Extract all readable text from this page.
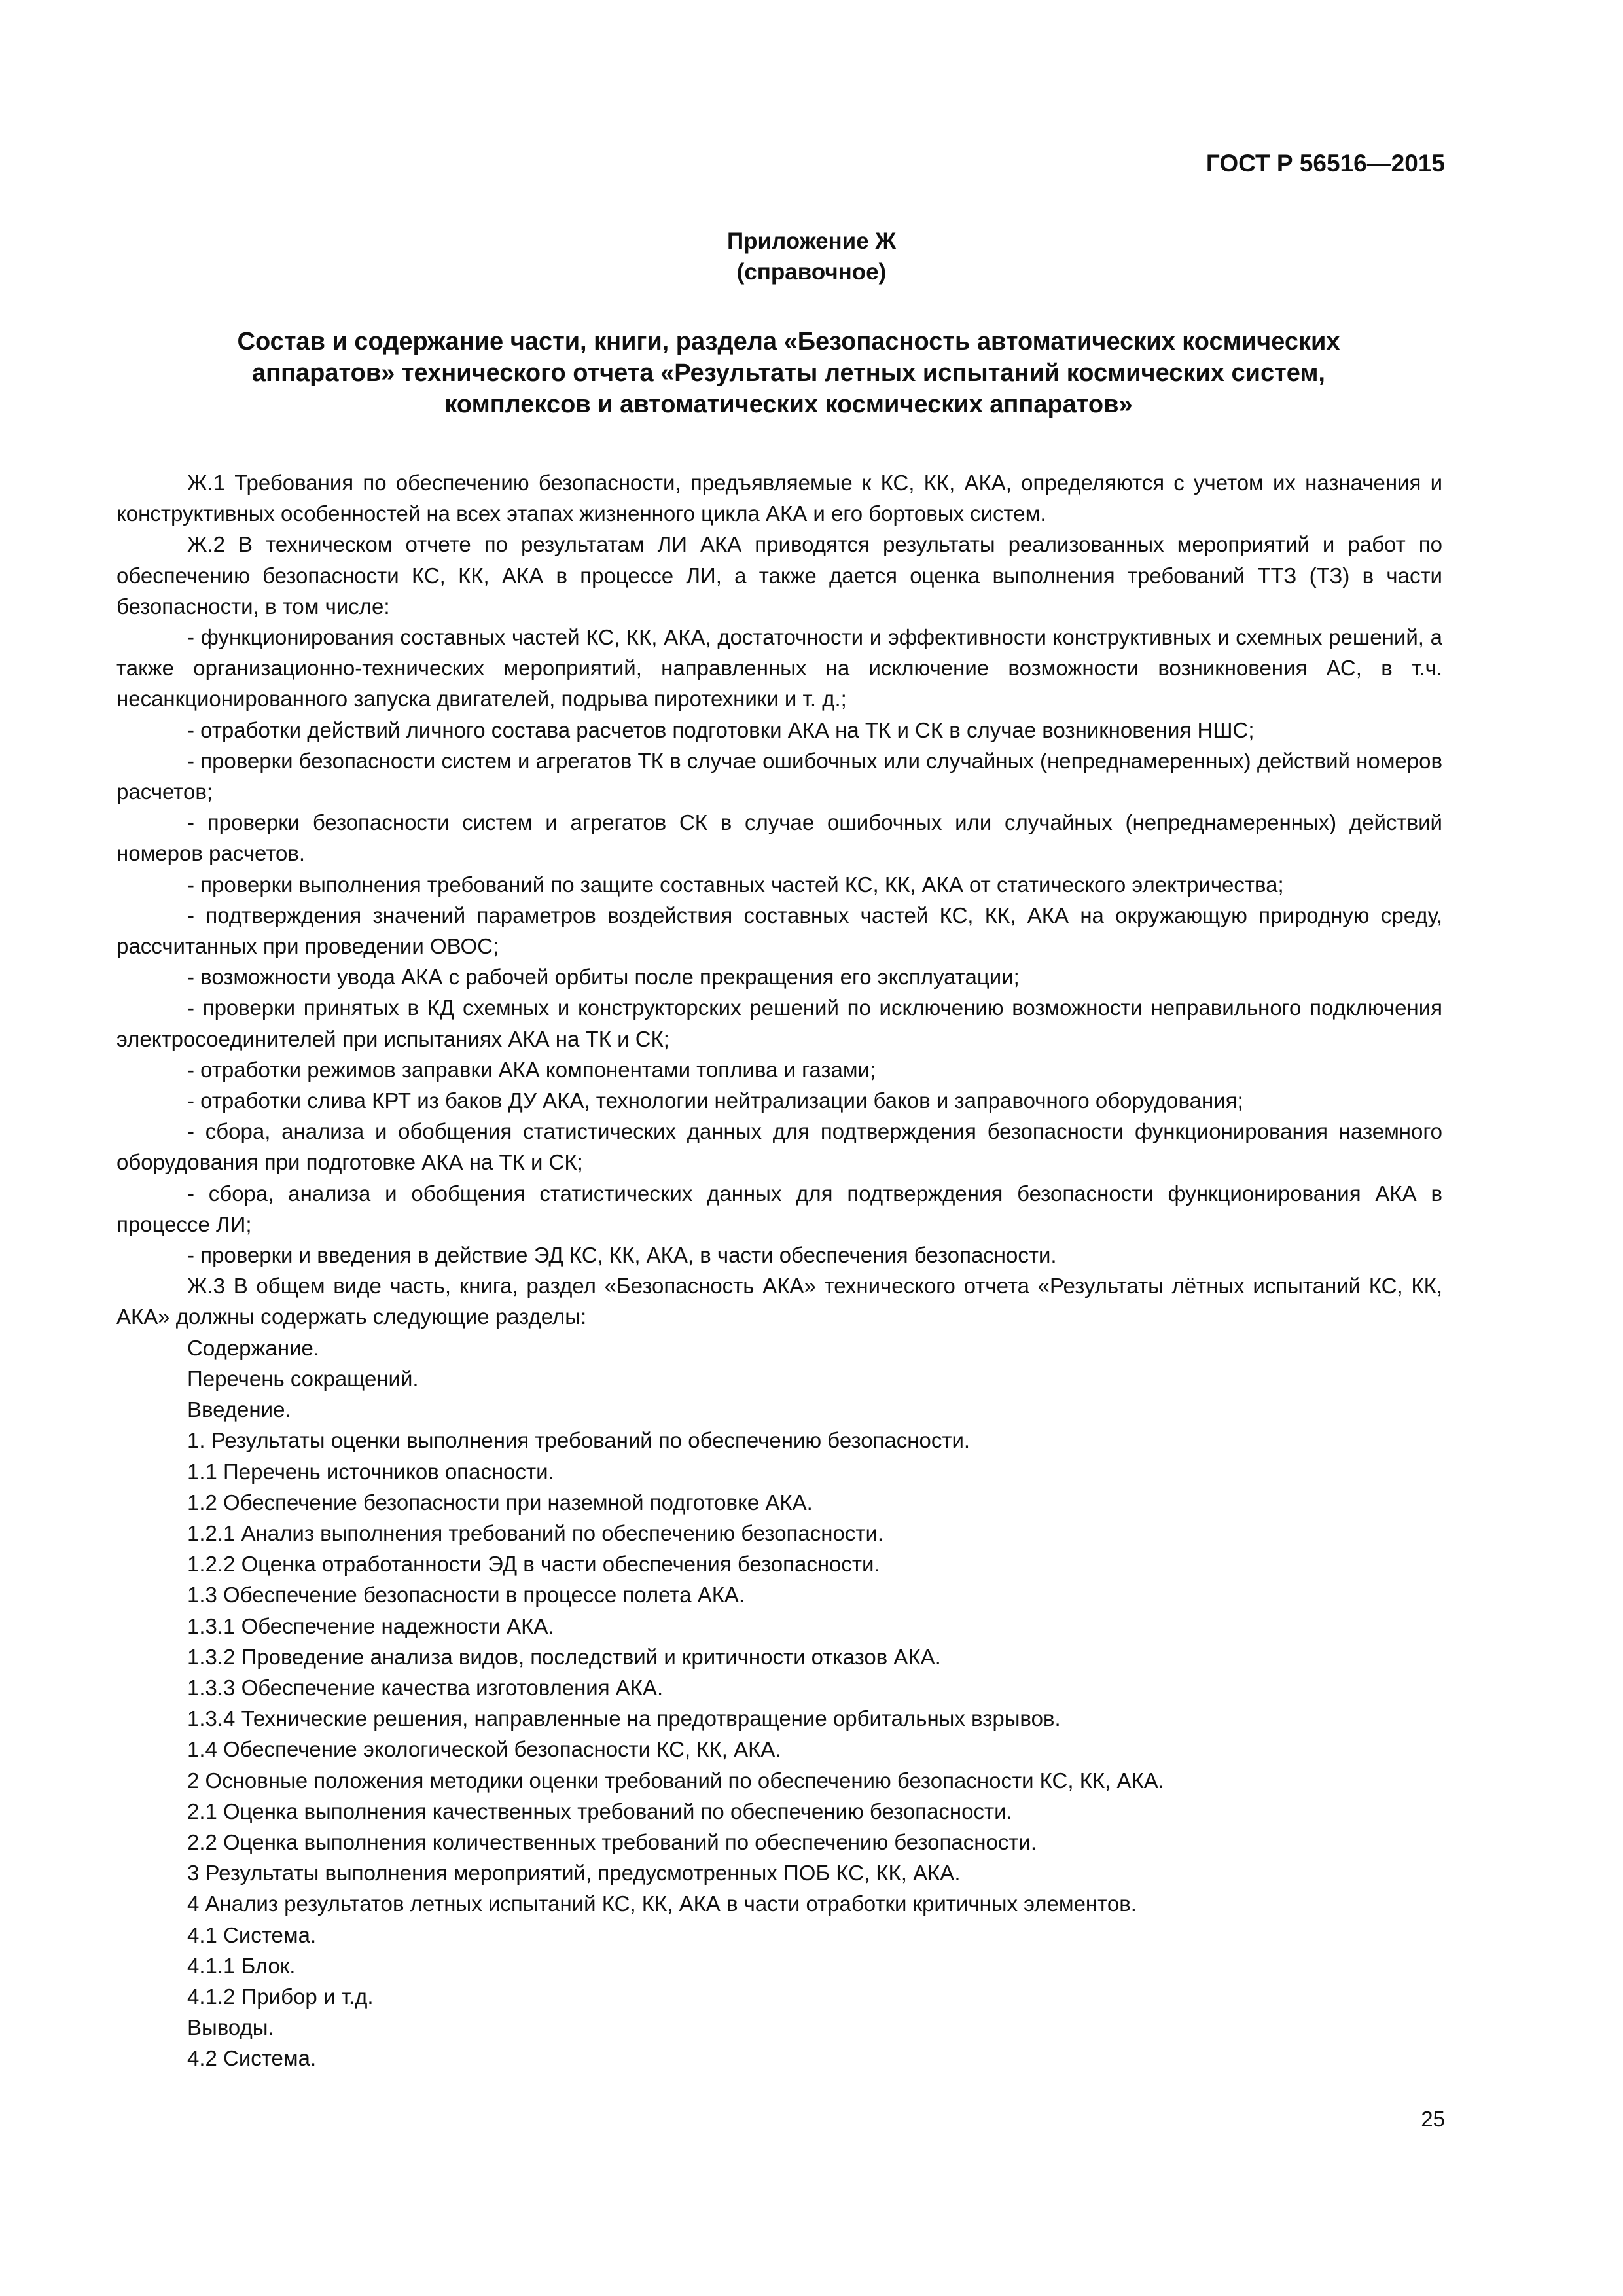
ГОСТ Р 56516—2015

Приложение Ж
(справочное)
Состав и содержание части, книги, раздела «Безопасность автоматических космических
аппаратов» технического отчета «Результаты летных испытаний космических систем,
комплексов и автоматических космических аппаратов»

Ж.1 Требования по обеспечению безопасности, предъявляемые к КС, КК, АКА, определяются с учетом их назначения и конструктивных особенностей на всех этапах жизненного цикла АКА и его бортовых систем.

Ж.2 В техническом отчете по результатам ЛИ АКА приводятся результаты реализованных мероприятий и работ по обеспечению безопасности КС, КК, АКА в процессе ЛИ, а также дается оценка выполнения требований ТТЗ (ТЗ) в части безопасности, в том числе:

- функционирования составных частей КС, КК, АКА, достаточности и эффективности конструктивных и схемных решений, а также организационно-технических мероприятий, направленных на исключение возможности возникновения АС, в т.ч. несанкционированного запуска двигателей, подрыва пиротехники и т. д.;

- отработки действий личного состава расчетов подготовки АКА на ТК и СК в случае возникновения НШС;

- проверки безопасности систем и агрегатов ТК в случае ошибочных или случайных (непреднамеренных) действий номеров расчетов;

- проверки безопасности систем и агрегатов СК в случае ошибочных или случайных (непреднамеренных) действий номеров расчетов.

- проверки выполнения требований по защите составных частей КС, КК, АКА от статического электричества;

- подтверждения значений параметров воздействия составных частей КС, КК, АКА на окружающую природную среду, рассчитанных при проведении ОВОС;

- возможности увода АКА с рабочей орбиты после прекращения его эксплуатации;

- проверки принятых в КД схемных и конструкторских решений по исключению возможности неправильного подключения электросоединителей при испытаниях АКА на ТК и СК;

- отработки режимов заправки АКА компонентами топлива и газами;

- отработки слива КРТ из баков ДУ АКА, технологии нейтрализации баков и заправочного оборудования;

- сбора, анализа и обобщения статистических данных для подтверждения безопасности функционирования наземного оборудования при подготовке АКА на ТК и СК;

- сбора, анализа и обобщения статистических данных для подтверждения безопасности функционирования АКА в процессе ЛИ;

- проверки и введения в действие ЭД КС, КК, АКА, в части обеспечения безопасности.

Ж.3 В общем виде часть, книга, раздел «Безопасность АКА» технического отчета «Результаты лётных испытаний КС, КК, АКА» должны содержать следующие разделы:

Содержание.

Перечень сокращений.

Введение.

1. Результаты оценки выполнения требований по обеспечению безопасности.

1.1 Перечень источников опасности.

1.2 Обеспечение безопасности при наземной подготовке АКА.

1.2.1 Анализ выполнения требований по обеспечению безопасности.

1.2.2 Оценка отработанности ЭД в части обеспечения безопасности.

1.3 Обеспечение безопасности в процессе полета АКА.

1.3.1 Обеспечение надежности АКА.

1.3.2 Проведение анализа видов, последствий и критичности отказов АКА.

1.3.3 Обеспечение качества изготовления АКА.

1.3.4 Технические решения, направленные на предотвращение орбитальных взрывов.

1.4 Обеспечение экологической безопасности КС, КК, АКА.

2 Основные положения методики оценки требований по обеспечению безопасности КС, КК, АКА.

2.1 Оценка выполнения качественных требований по обеспечению безопасности.

2.2 Оценка выполнения количественных требований по обеспечению безопасности.

3 Результаты выполнения мероприятий, предусмотренных ПОБ КС, КК, АКА.

4 Анализ результатов летных испытаний КС, КК, АКА в части отработки критичных элементов.

4.1 Система.

4.1.1 Блок.

4.1.2 Прибор и т.д.

Выводы.

4.2 Система.

25
